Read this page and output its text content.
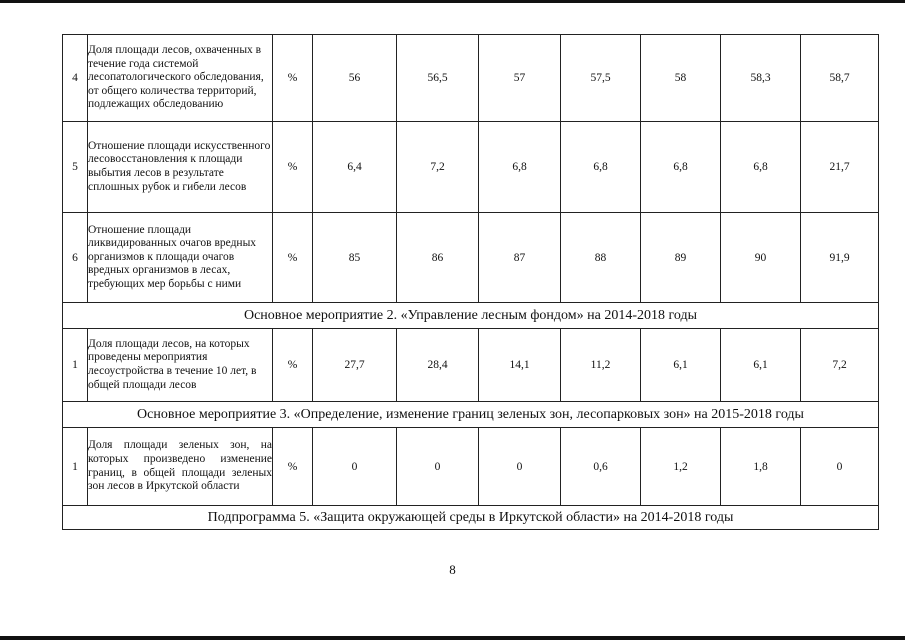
4	Доля площади лесов, охваченных в течение года системой лесопатологического обследования, от общего количества территорий, подлежащих обследованию	%	56	56,5	57	57,5	58	58,3	58,7
5	Отношение площади искусственного лесовосстановления к площади выбытия лесов в результате сплошных рубок и гибели лесов	%	6,4	7,2	6,8	6,8	6,8	6,8	21,7
6	Отношение площади ликвидированных очагов вредных организмов к площади очагов вредных организмов в лесах, требующих мер борьбы с ними	%	85	86	87	88	89	90	91,9
Основное мероприятие 2. «Управление лесным фондом» на 2014-2018 годы									
1	Доля площади лесов, на которых проведены мероприятия лесоустройства в течение 10 лет, в общей площади лесов	%	27,7	28,4	14,1	11,2	6,1	6,1	7,2
Основное мероприятие 3. «Определение, изменение границ зеленых зон, лесопарковых зон» на 2015-2018 годы									
1	Доля площади зеленых зон, на которых произведено изменение границ, в общей площади зеленых зон лесов в Иркутской области	%	0	0	0	0,6	1,2	1,8	0
Подпрограмма 5. «Защита окружающей среды в Иркутской области» на 2014-2018 годы									
8
